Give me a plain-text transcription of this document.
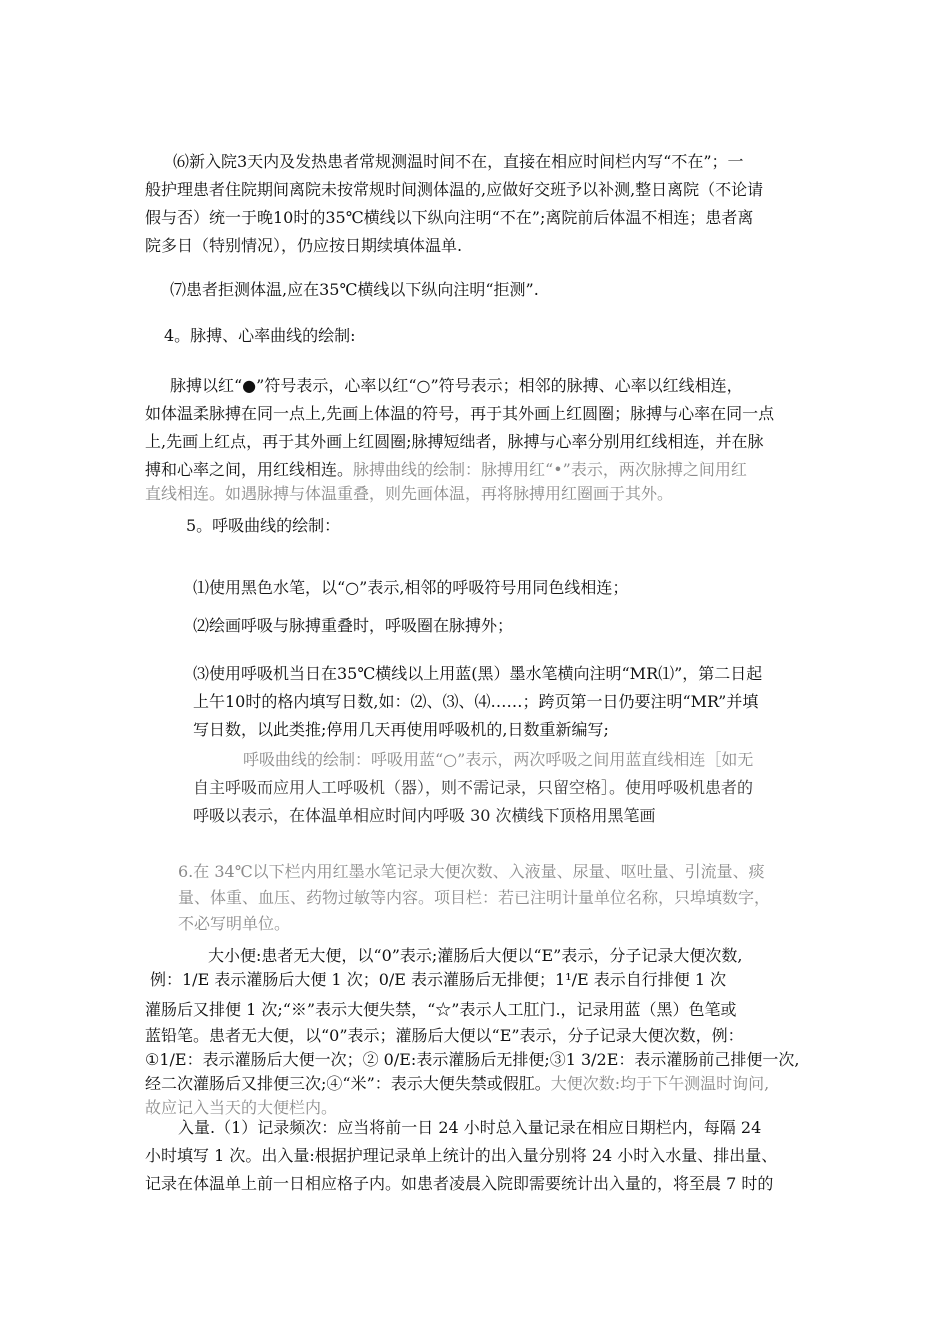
⑹新入院3天内及发热患者常规测温时间不在，直接在相应时间栏内写“不在”；一
般护理患者住院期间离院未按常规时间测体温的,应做好交班予以补测,整日离院（不论请
假与否）统一于晚10时的35℃横线以下纵向注明“不在”;离院前后体温不相连；患者离
院多日（特别情况），仍应按日期续填体温单.
⑺患者拒测体温,应在35℃横线以下纵向注明“拒测”.
4。脉搏、心率曲线的绘制:
脉搏以红“●”符号表示，心率以红“○”符号表示；相邻的脉搏、心率以红线相连，
如体温柔脉搏在同一点上,先画上体温的符号，再于其外画上红圆圈；脉搏与心率在同一点
上,先画上红点，再于其外画上红圆圈;脉搏短绌者，脉搏与心率分别用红线相连，并在脉
搏和心率之间，用红线相连。脉搏曲线的绘制：脉搏用红“•”表示，两次脉搏之间用红
直线相连。如遇脉搏与体温重叠，则先画体温，再将脉搏用红圈画于其外。
5。呼吸曲线的绘制：
⑴使用黑色水笔，以“○”表示,相邻的呼吸符号用同色线相连；
⑵绘画呼吸与脉搏重叠时，呼吸圈在脉搏外；
⑶使用呼吸机当日在35℃横线以上用蓝(黑）墨水笔横向注明“MR⑴”，第二日起
上午10时的格内填写日数,如：⑵、⑶、⑷……；跨页第一日仍要注明“MR”并填
写日数，以此类推;停用几天再使用呼吸机的,日数重新编写;
呼吸曲线的绘制：呼吸用蓝“○”表示，两次呼吸之间用蓝直线相连［如无
自主呼吸而应用人工呼吸机（器），则不需记录，只留空格］。使用呼吸机患者的
呼吸以表示，在体温单相应时间内呼吸 30 次横线下顶格用黑笔画
6.在 34℃以下栏内用红墨水笔记录大便次数、入液量、尿量、呕吐量、引流量、痰
量、体重、血压、药物过敏等内容。项目栏：若已注明计量单位名称，只埠填数字，
不必写明单位。
大小便:患者无大便，以“0”表示;灌肠后大便以“E”表示，分子记录大便次数,
例：1/E 表示灌肠后大便 1 次；0/E 表示灌肠后无排便；1¹/E 表示自行排便 1 次
灌肠后又排便 1 次;“※”表示大便失禁，“☆”表示人工肛门.，记录用蓝（黑）色笔或
蓝铅笔。患者无大便，以“0”表示；灌肠后大便以“E”表示，分子记录大便次数，例：
①1/E：表示灌肠后大便一次；② 0/E:表示灌肠后无排便;③1 3/2E：表示灌肠前己排便一次,
经二次灌肠后又排便三次;④“米”：表示大便失禁或假肛。大便次数:均于下午测温时询问,
故应记入当天的大便栏内。
入量.（1）记录频次：应当将前一日 24 小时总入量记录在相应日期栏内，每隔 24
小时填写 1 次。出入量:根据护理记录单上统计的出入量分别将 24 小时入水量、排出量、
记录在体温单上前一日相应格子内。如患者凌晨入院即需要统计出入量的，将至晨 7 时的
